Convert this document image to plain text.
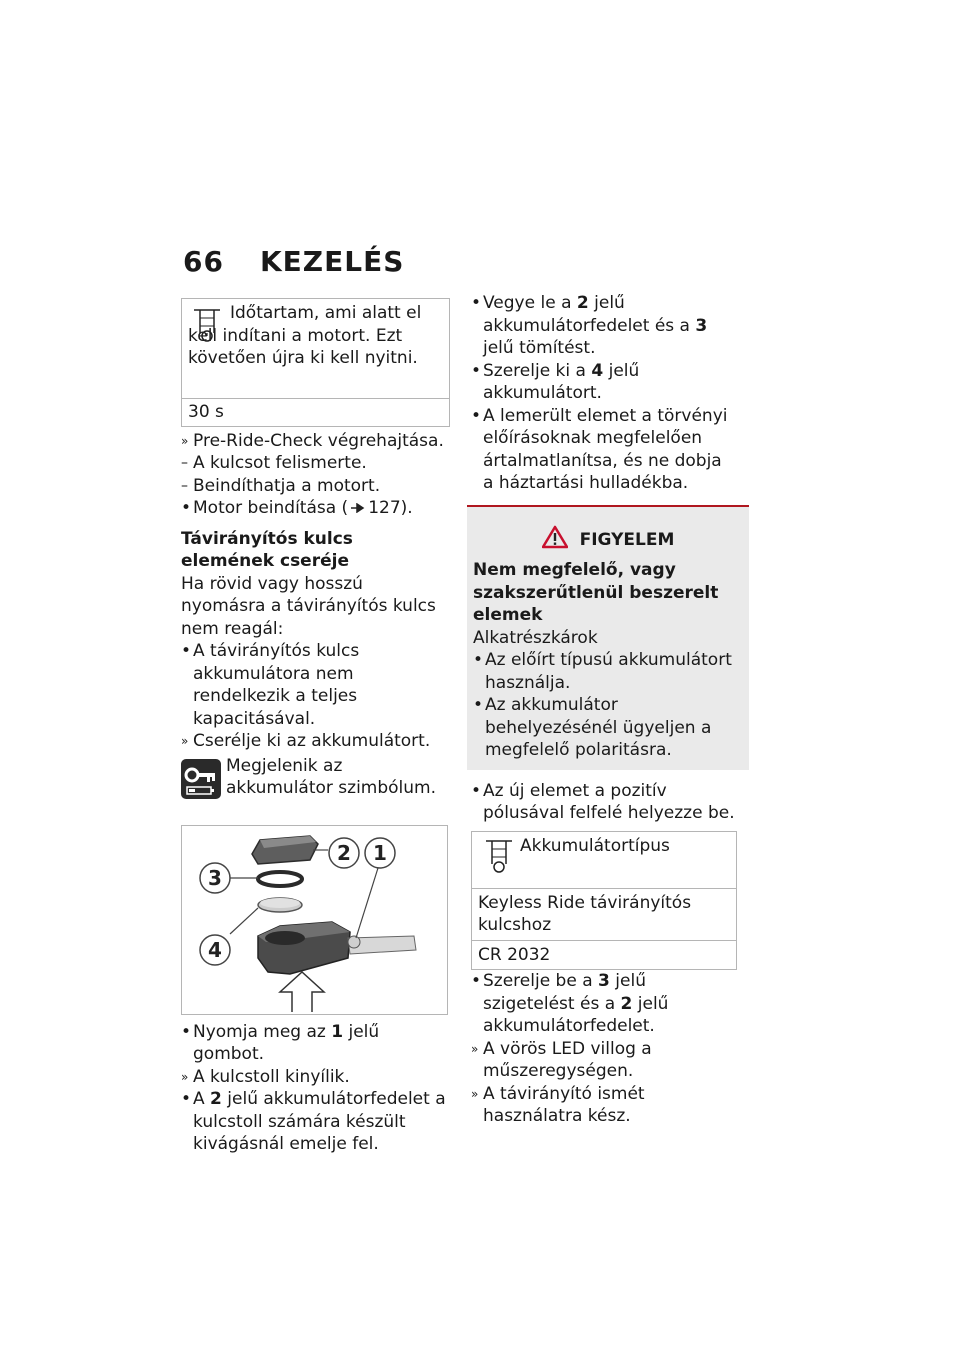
66 KEZELÉS
Időtartam, ami alatt el kell indítani a motort. Ezt követően újra ki kell nyitni.
30 s
» Pre-Ride-Check végrehajtása.
– A kulcsot felismerte.
– Beindíthatja a motort.
• Motor beindítása ( 127).
Távirányítós kulcs elemének cseréje
Ha rövid vagy hosszú nyomásra a távirányítós kulcs nem reagál:
• A távirányítós kulcs akkumulátora nem rendelkezik a teljes kapacitásával.
» Cserélje ki az akkumulátort.
Megjelenik az akkumulátor szimbólum.
2 1
3
4
• Nyomja meg az 1 jelű gombot.
» A kulcstoll kinyílik.
• A 2 jelű akkumulátorfedelet a kulcstoll számára készült kivágásnál emelje fel.
• Vegye le a 2 jelű akkumulátorfedelet és a 3 jelű tömítést.
• Szerelje ki a 4 jelű akkumulátort.
• A lemerült elemet a törvényi előírásoknak megfelelően ártalmatlanítsa, és ne dobja a háztartási hulladékba.
FIGYELEM
Nem megfelelő, vagy szakszerűtlenül beszerelt elemek
Alkatrészkárok
• Az előírt típusú akkumulátort használja.
• Az akkumulátor behelyezésénél ügyeljen a megfelelő polaritásra.
• Az új elemet a pozitív pólusával felfelé helyezze be.
Akkumulátortípus
Keyless Ride távirányítós kulcshoz
CR 2032
• Szerelje be a 3 jelű szigetelést és a 2 jelű akkumulátorfedelet.
» A vörös LED villog a műszeregységen.
» A távirányító ismét használatra kész.
